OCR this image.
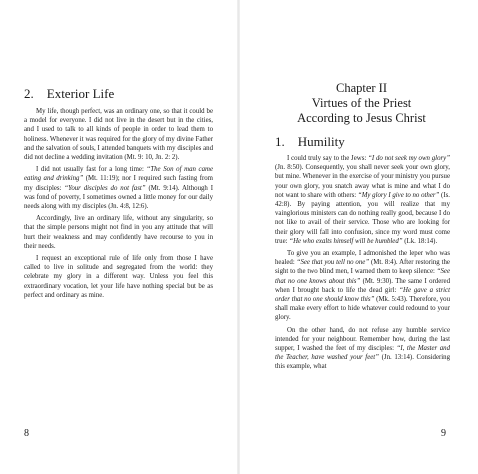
2. Exterior Life

My life, though perfect, was an ordinary one, so that it could be a model for everyone. I did not live in the desert but in the cities, and I used to talk to all kinds of people in order to lead them to holiness. Whenever it was required for the glory of my divine Father and the salvation of souls, I attended banquets with my disciples and did not decline a wedding invitation (Mt. 9: 10, Jn. 2: 2).

I did not usually fast for a long time: “The Son of man came eating and drinking” (Mt. 11:19); nor I required such fasting from my disciples: “Your disciples do not fast” (Mt. 9:14). Although I was fond of poverty, I sometimes owned a little money for our daily needs along with my disciples (Jn. 4:8, 12:6).

Accordingly, live an ordinary life, without any singularity, so that the simple persons might not find in you any attitude that will hurt their weakness and may confidently have recourse to you in their needs.

I request an exceptional rule of life only from those I have called to live in solitude and segregated from the world: they celebrate my glory in a different way. Unless you feel this extraordinary vocation, let your life have nothing special but be as perfect and ordinary as mine.

8
Chapter II
Virtues of the Priest
According to Jesus Christ
1. Humility

I could truly say to the Jews: “I do not seek my own glory” (Jn. 8:50). Consequently, you shall never seek your own glory, but mine. Whenever in the exercise of your ministry you pursue your own glory, you snatch away what is mine and what I do not want to share with others: “My glory I give to no other” (Is. 42:8). By paying attention, you will realize that my vainglorious ministers can do nothing really good, because I do not like to avail of their service. Those who are looking for their glory will fall into confusion, since my word must come true: “He who exalts himself will be humbled” (Lk. 18:14).

To give you an example, I admonished the leper who was healed: “See that you tell no one” (Mt. 8:4). After restoring the sight to the two blind men, I warned them to keep silence: “See that no one knows about this” (Mt. 9:30). The same I ordered when I brought back to life the dead girl: “He gave a strict order that no one should know this” (Mk. 5:43). Therefore, you shall make every effort to hide whatever could redound to your glory.

On the other hand, do not refuse any humble service intended for your neighbour. Remember how, during the last supper, I washed the feet of my disciples: “I, the Master and the Teacher, have washed your feet” (Jn. 13:14). Considering this example, what

9
